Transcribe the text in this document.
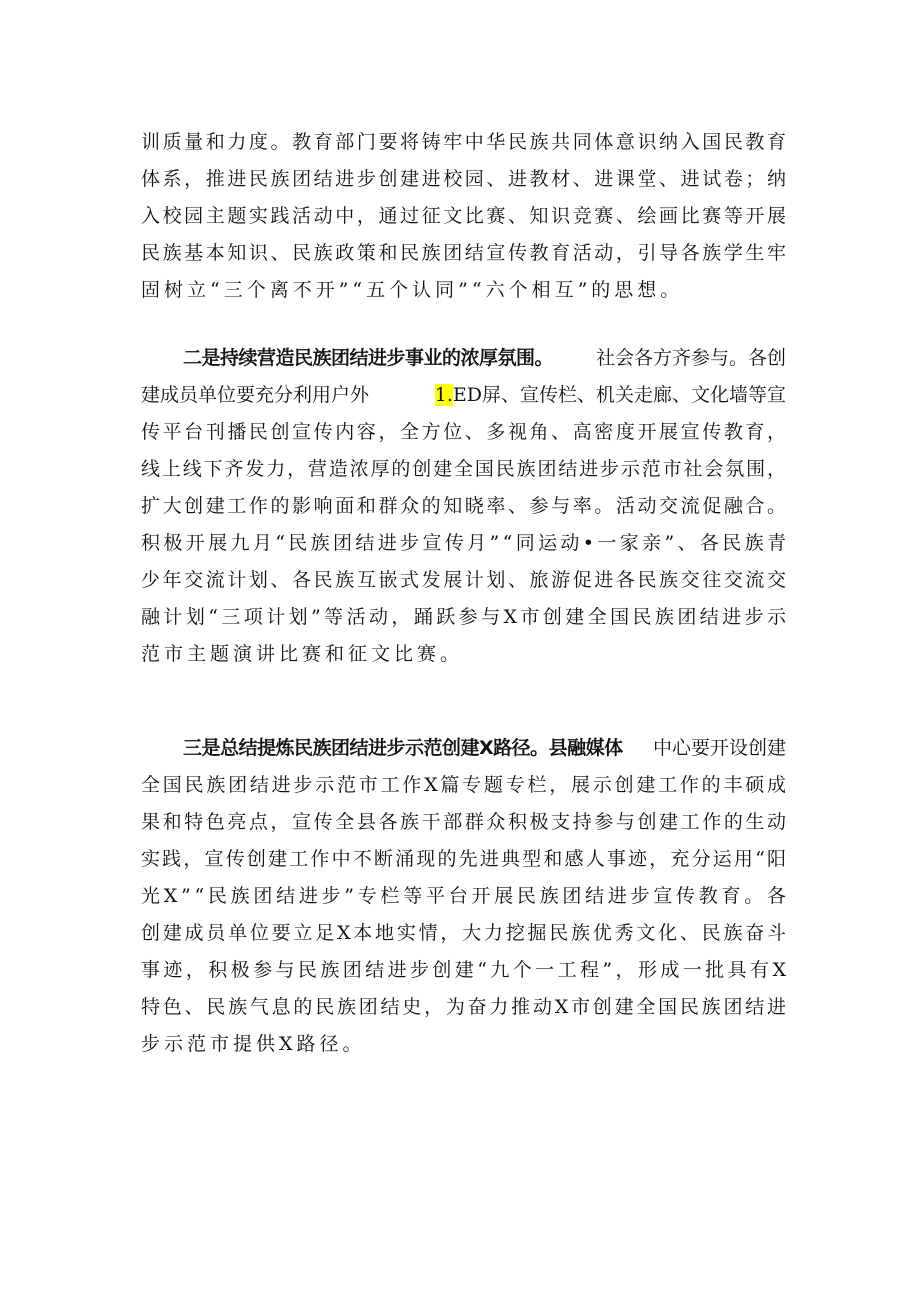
训质量和力度。教育部门要将铸牢中华民族共同体意识纳入国民教育
体系，推进民族团结进步创建进校园、进教材、进课堂、进试卷；纳
入校园主题实践活动中，通过征文比赛、知识竞赛、绘画比赛等开展
民族基本知识、民族政策和民族团结宣传教育活动，引导各族学生牢
固树立“三个离不开”“五个认同”“六个相互”的思想。
二是持续营造民族团结进步事业的浓厚氛围。 社会各方齐参与。各创
建成员单位要充分利用户外	1.ED屏、宣传栏、机关走廊、文化墙等宣
传平台刊播民创宣传内容，全方位、多视角、高密度开展宣传教育，
线上线下齐发力，营造浓厚的创建全国民族团结进步示范市社会氛围，
扩大创建工作的影响面和群众的知晓率、参与率。活动交流促融合。
积极开展九月“民族团结进步宣传月”“同运动•一家亲”、各民族青
少年交流计划、各民族互嵌式发展计划、旅游促进各民族交往交流交
融计划“三项计划”等活动，踊跃参与X市创建全国民族团结进步示
范市主题演讲比赛和征文比赛。
三是总结提炼民族团结进步示范创建X路径。县融媒体 中心要开设创建
全国民族团结进步示范市工作X篇专题专栏，展示创建工作的丰硕成
果和特色亮点，宣传全县各族干部群众积极支持参与创建工作的生动
实践，宣传创建工作中不断涌现的先进典型和感人事迹，充分运用“阳
光X”“民族团结进步”专栏等平台开展民族团结进步宣传教育。各
创建成员单位要立足X本地实情，大力挖掘民族优秀文化、民族奋斗
事迹，积极参与民族团结进步创建“九个一工程”，形成一批具有X
特色、民族气息的民族团结史，为奋力推动X市创建全国民族团结进
步示范市提供X路径。
